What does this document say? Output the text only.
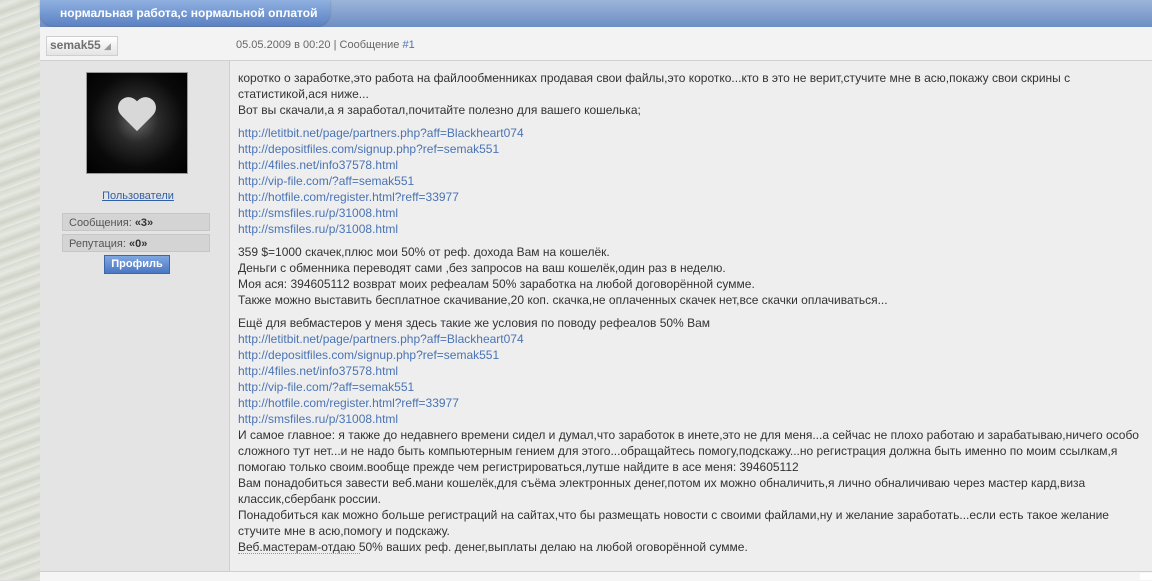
нормальная работа,с нормальной оплатой
semak55 ◢	05.05.2009 в 00:20 | Сообщение #1
Пользователи
Сообщения: «3»
Репутация: «0»
Профиль

коротко о заработке,это работа на файлообменниках продавая свои файлы,это коротко...кто в это не верит,стучите мне в асю,покажу свои скрины с статистикой,ася ниже...

Вот вы скачали,а я заработал,почитайте полезно для вашего кошелька;

http://letitbit.net/page/partners.php?aff=Blackheart074
http://depositfiles.com/signup.php?ref=semak551
http://4files.net/info37578.html
http://vip-file.com/?aff=semak551
http://hotfile.com/register.html?reff=33977
http://smsfiles.ru/p/31008.html
http://smsfiles.ru/p/31008.html

359 $=1000 скачек,плюс мои 50% от реф. дохода Вам на кошелёк.

Деньги с обменника переводят сами ,без запросов на ваш кошелёк,один раз в неделю.

Моя ася: 394605112 возврат моих рефеалам 50% заработка на любой договорённой сумме.

Также можно выставить бесплатное скачивание,20 коп. скачка,не оплаченных скачек нет,все скачки оплачиваться...

Ещё для вебмастеров у меня здесь такие же условия по поводу рефеалов 50% Вам

http://letitbit.net/page/partners.php?aff=Blackheart074
http://depositfiles.com/signup.php?ref=semak551
http://4files.net/info37578.html
http://vip-file.com/?aff=semak551
http://hotfile.com/register.html?reff=33977
http://smsfiles.ru/p/31008.html

И самое главное: я также до недавнего времени сидел и думал,что заработок в инете,это не для меня...а сейчас не плохо работаю и зарабатываю,ничего особо сложного тут нет...и не надо быть компьютерным гением для этого...обращайтесь помогу,подскажу...но регистрация должна быть именно по моим ссылкам,я помогаю только своим.вообще прежде чем регистрироваться,лутше найдите в асе меня: 394605112

Вам понадобиться завести веб.мани кошелёк,для съёма электронных денег,потом их можно обналичить,я лично обналичиваю через мастер кард,виза классик,сбербанк россии.

Понадобиться как можно больше регистраций на сайтах,что бы размещать новости с своими файлами,ну и желание заработать...если есть такое желание стучите мне в асю,помогу и подскажу.

Веб.мастерам-отдаю 50% ваших реф. денег,выплаты делаю на любой оговорённой сумме.
